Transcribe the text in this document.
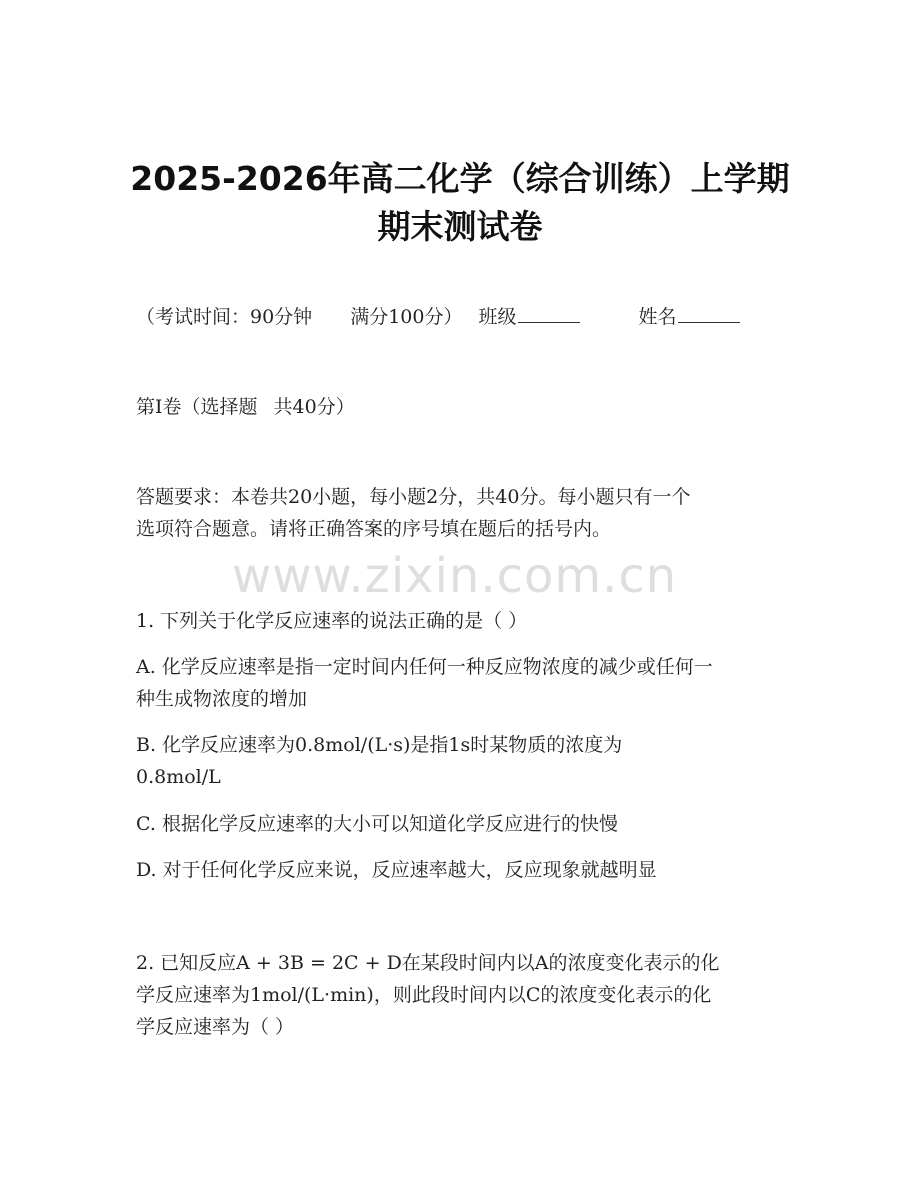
2025-2026年高二化学（综合训练）上学期
期末测试卷
（考试时间：90分钟 满分100分） 班级	姓名
第Ⅰ卷（选择题 共40分）
答题要求：本卷共20小题，每小题2分，共40分。每小题只有一个
选项符合题意。请将正确答案的序号填在题后的括号内。
www.zixin.com.cn
1. 下列关于化学反应速率的说法正确的是（ ）
A. 化学反应速率是指一定时间内任何一种反应物浓度的减少或任何一
种生成物浓度的增加
B. 化学反应速率为0.8mol/(L·s)是指1s时某物质的浓度为
0.8mol/L
C. 根据化学反应速率的大小可以知道化学反应进行的快慢
D. 对于任何化学反应来说，反应速率越大，反应现象就越明显
2. 已知反应A + 3B = 2C + D在某段时间内以A的浓度变化表示的化
学反应速率为1mol/(L·min)，则此段时间内以C的浓度变化表示的化
学反应速率为（ ）
